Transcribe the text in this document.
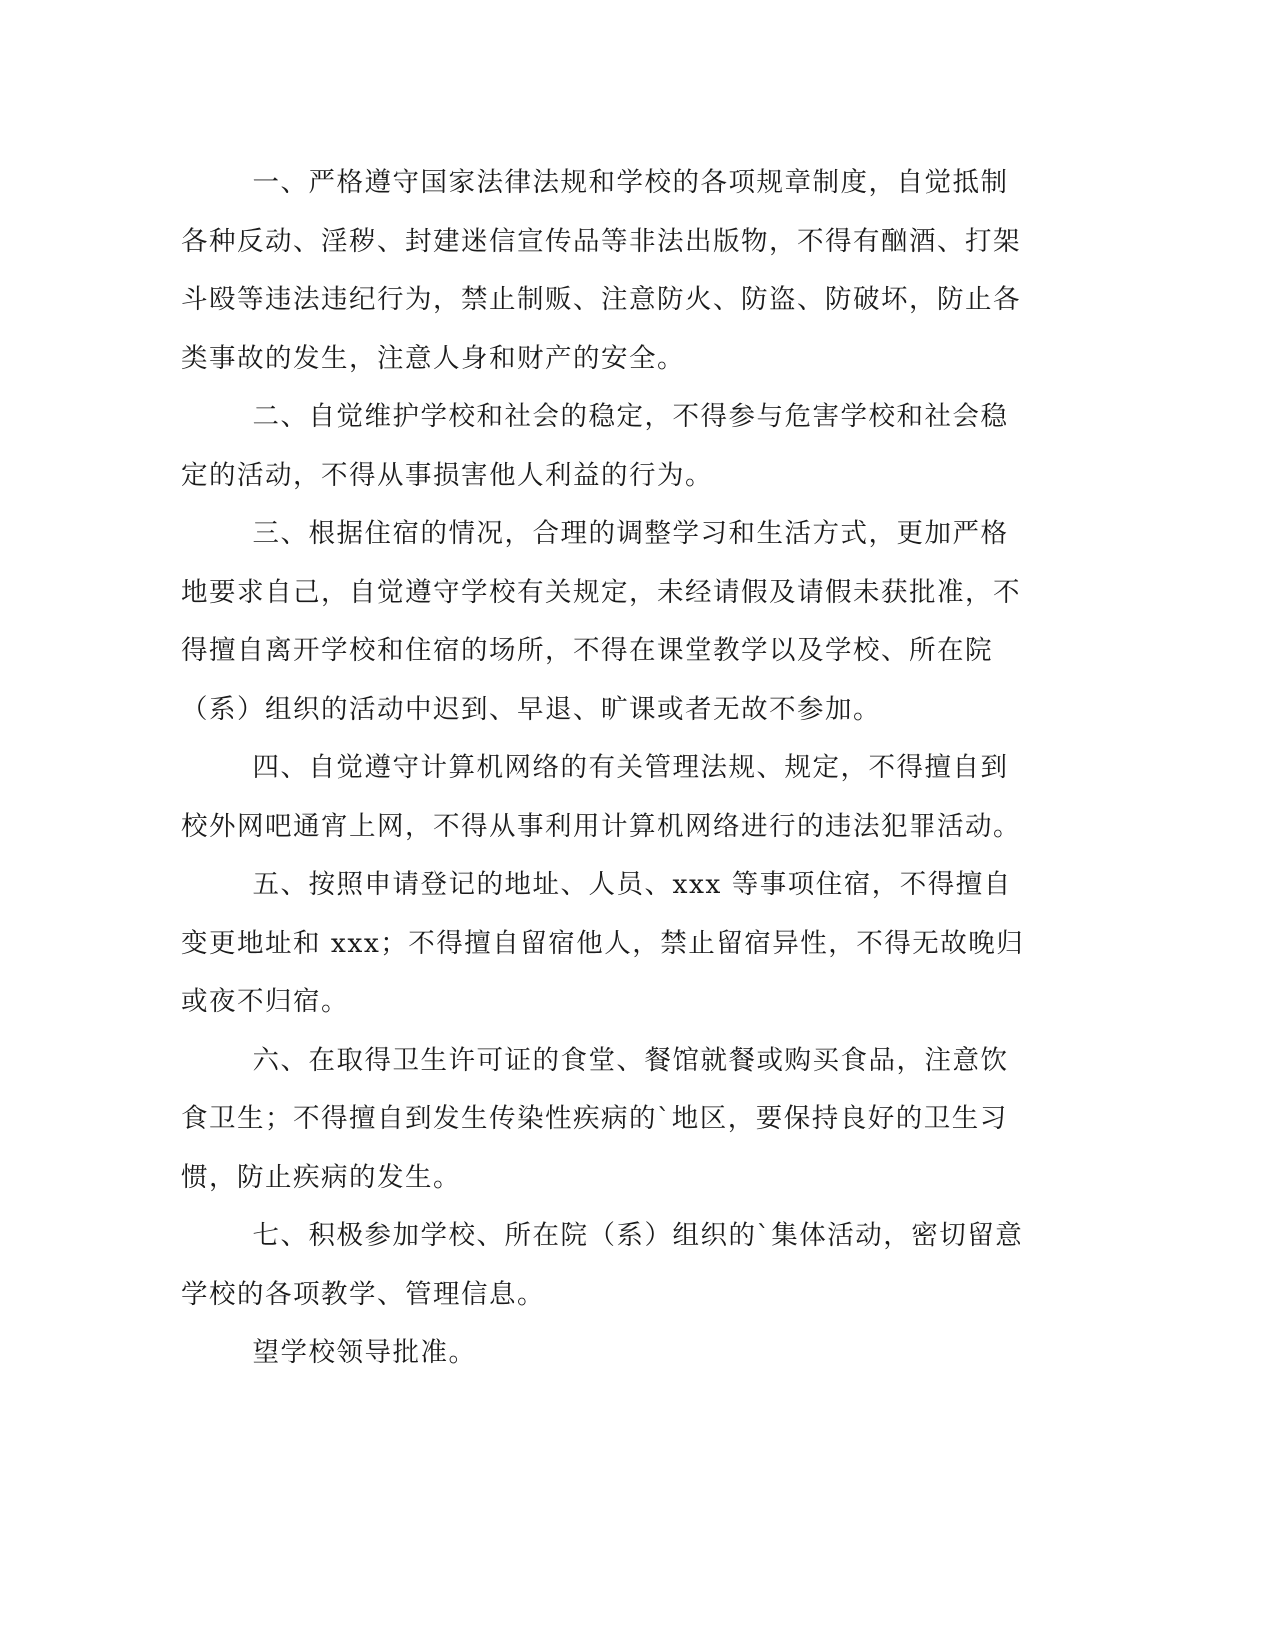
一、严格遵守国家法律法规和学校的各项规章制度，自觉抵制各种反动、淫秽、封建迷信宣传品等非法出版物，不得有酗酒、打架斗殴等违法违纪行为，禁止制贩、注意防火、防盗、防破坏，防止各类事故的发生，注意人身和财产的安全。

二、自觉维护学校和社会的稳定，不得参与危害学校和社会稳定的活动，不得从事损害他人利益的行为。

三、根据住宿的情况，合理的调整学习和生活方式，更加严格地要求自己，自觉遵守学校有关规定，未经请假及请假未获批准，不得擅自离开学校和住宿的场所，不得在课堂教学以及学校、所在院（系）组织的活动中迟到、早退、旷课或者无故不参加。

四、自觉遵守计算机网络的有关管理法规、规定，不得擅自到校外网吧通宵上网，不得从事利用计算机网络进行的违法犯罪活动。

五、按照申请登记的地址、人员、xxx 等事项住宿，不得擅自变更地址和 xxx；不得擅自留宿他人，禁止留宿异性，不得无故晚归或夜不归宿。

六、在取得卫生许可证的食堂、餐馆就餐或购买食品，注意饮食卫生；不得擅自到发生传染性疾病的`地区，要保持良好的卫生习惯，防止疾病的发生。

七、积极参加学校、所在院（系）组织的`集体活动，密切留意学校的各项教学、管理信息。

望学校领导批准。
